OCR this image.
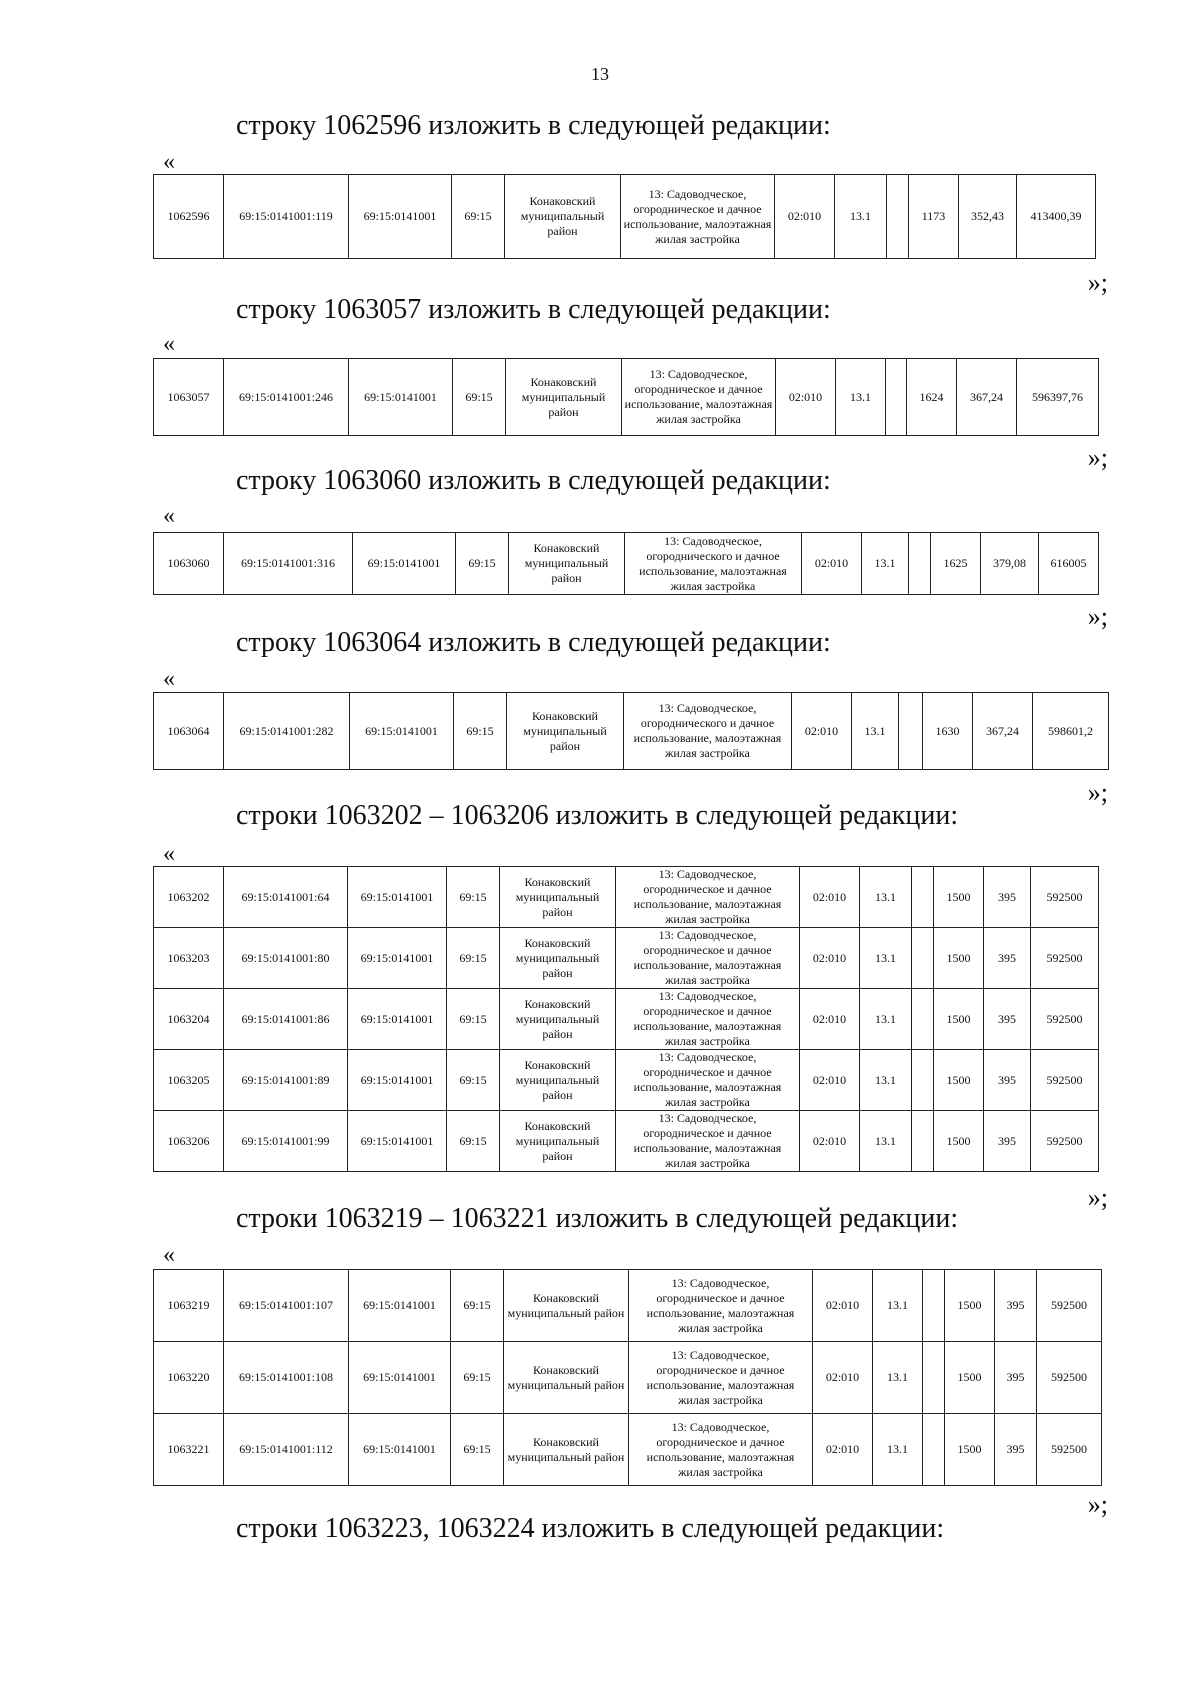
13
строку 1062596 изложить в следующей редакции:
«
1062596	69:15:0141001:119	69:15:0141001	69:15	Конаковский муниципальный район	13: Садоводческое, огородническое и дачное использование, малоэтажная жилая застройка	02:010	13.1		1173	352,43	413400,39
»;
строку 1063057 изложить в следующей редакции:
«
1063057	69:15:0141001:246	69:15:0141001	69:15	Конаковский муниципальный район	13: Садоводческое, огородническое и дачное использование, малоэтажная жилая застройка	02:010	13.1		1624	367,24	596397,76
»;
строку 1063060 изложить в следующей редакции:
«
1063060	69:15:0141001:316	69:15:0141001	69:15	Конаковский муниципальный район	13: Садоводческое, огороднического и дачное использование, малоэтажная жилая застройка	02:010	13.1		1625	379,08	616005
»;
строку 1063064 изложить в следующей редакции:
«
1063064	69:15:0141001:282	69:15:0141001	69:15	Конаковский муниципальный район	13: Садоводческое, огороднического и дачное использование, малоэтажная жилая застройка	02:010	13.1		1630	367,24	598601,2
»;
строки 1063202 – 1063206 изложить в следующей редакции:
«
1063202	69:15:0141001:64	69:15:0141001	69:15	Конаковский муниципальный район	13: Садоводческое, огородническое и дачное использование, малоэтажная жилая застройка	02:010	13.1		1500	395	592500
1063203	69:15:0141001:80	69:15:0141001	69:15	Конаковский муниципальный район	13: Садоводческое, огородническое и дачное использование, малоэтажная жилая застройка	02:010	13.1		1500	395	592500
1063204	69:15:0141001:86	69:15:0141001	69:15	Конаковский муниципальный район	13: Садоводческое, огородническое и дачное использование, малоэтажная жилая застройка	02:010	13.1		1500	395	592500
1063205	69:15:0141001:89	69:15:0141001	69:15	Конаковский муниципальный район	13: Садоводческое, огородническое и дачное использование, малоэтажная жилая застройка	02:010	13.1		1500	395	592500
1063206	69:15:0141001:99	69:15:0141001	69:15	Конаковский муниципальный район	13: Садоводческое, огородническое и дачное использование, малоэтажная жилая застройка	02:010	13.1		1500	395	592500
»;
строки 1063219 – 1063221 изложить в следующей редакции:
«
1063219	69:15:0141001:107	69:15:0141001	69:15	Конаковский муниципальный район	13: Садоводческое, огородническое и дачное использование, малоэтажная жилая застройка	02:010	13.1		1500	395	592500
1063220	69:15:0141001:108	69:15:0141001	69:15	Конаковский муниципальный район	13: Садоводческое, огородническое и дачное использование, малоэтажная жилая застройка	02:010	13.1		1500	395	592500
1063221	69:15:0141001:112	69:15:0141001	69:15	Конаковский муниципальный район	13: Садоводческое, огородническое и дачное использование, малоэтажная жилая застройка	02:010	13.1		1500	395	592500
»;
строки 1063223, 1063224 изложить в следующей редакции:
